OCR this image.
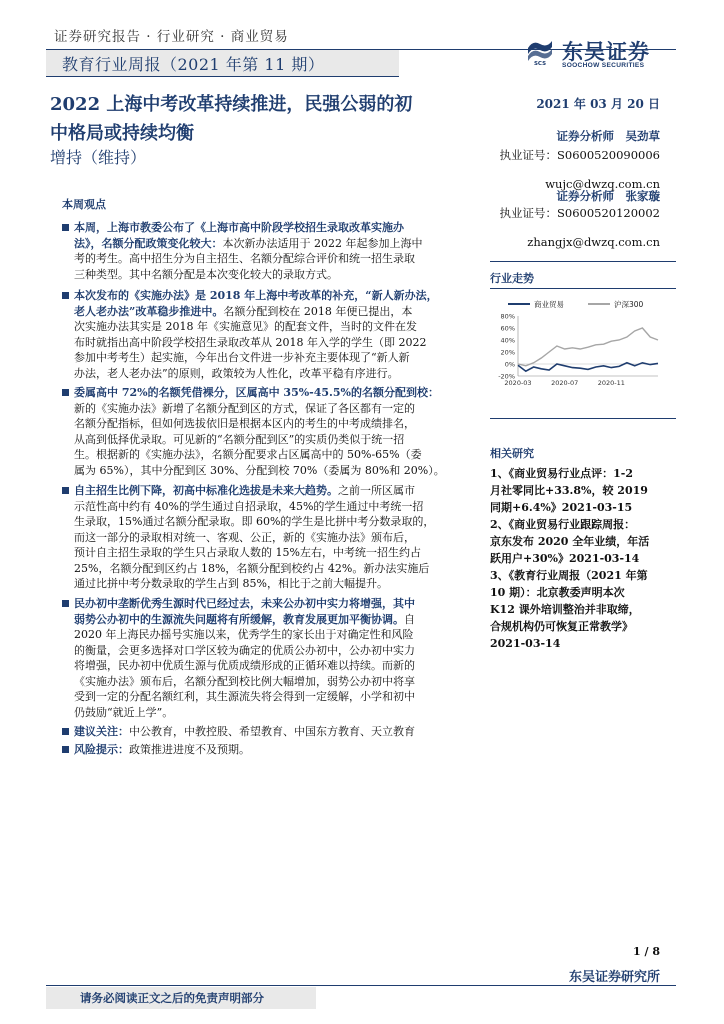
证券研究报告 · 行业研究 · 商业贸易
教育行业周报（2021 年第 11 期）	SCS 东吴证券
SOOCHOW SECURITIES
2022 上海中考改革持续推进，民强公弱的初
中格局或持续均衡
增持（维持）
2021 年 03 月 20 日
证券分析师　吴劲草
执业证号：S0600520090006
wujc@dwzq.com.cn
证券分析师　张家璇
执业证号：S0600520120002
zhangjx@dwzq.com.cn
本周观点
本周，上海市教委公布了《上海市高中阶段学校招生录取改革实施办
法》，名额分配政策变化较大：本次新办法适用于 2022 年起参加上海中
考的考生。高中招生分为自主招生、名额分配综合评价和统一招生录取
三种类型。其中名额分配是本次变化较大的录取方式。
本次发布的《实施办法》是 2018 年上海中考改革的补充，“新人新办法，
老人老办法”改革稳步推进中。名额分配到校在 2018 年便已提出，本
次实施办法其实是 2018 年《实施意见》的配套文件，当时的文件在发
布时就指出高中阶段学校招生录取改革从 2018 年入学的学生（即 2022
参加中考考生）起实施，今年出台文件进一步补充主要体现了“新人新
办法，老人老办法”的原则，政策较为人性化，改革平稳有序进行。
委属高中 72%的名额凭借裸分，区属高中 35%-45.5%的名额分配到校：
新的《实施办法》新增了名额分配到区的方式，保证了各区都有一定的
名额分配指标，但如何选拔依旧是根据本区内的考生的中考成绩排名，
从高到低择优录取。可见新的“名额分配到区”的实质仍类似于统一招
生。根据新的《实施办法》，名额分配要求占区属高中的 50%-65%（委
属为 65%），其中分配到区 30%、分配到校 70%（委属为 80%和 20%）。
自主招生比例下降，初高中标准化选拔是未来大趋势。之前一所区属市
示范性高中约有 40%的学生通过自招录取，45%的学生通过中考统一招
生录取，15%通过名额分配录取。即 60%的学生是比拼中考分数录取的，
而这一部分的录取相对统一、客观、公正，新的《实施办法》颁布后，
预计自主招生录取的学生只占录取人数的 15%左右，中考统一招生约占
25%，名额分配到区约占 18%，名额分配到校约占 42%。新办法实施后
通过比拼中考分数录取的学生占到 85%，相比于之前大幅提升。
民办初中垄断优秀生源时代已经过去，未来公办初中实力将增强，其中
弱势公办初中的生源流失问题将有所缓解，教育发展更加平衡协调。自
2020 年上海民办摇号实施以来，优秀学生的家长出于对确定性和风险
的衡量，会更多选择对口学区较为确定的优质公办初中，公办初中实力
将增强，民办初中优质生源与优质成绩形成的正循环难以持续。而新的
《实施办法》颁布后，名额分配到校比例大幅增加，弱势公办初中将享
受到一定的分配名额红利，其生源流失将会得到一定缓解，小学和初中
仍鼓励“就近上学”。
建议关注：中公教育，中教控股、希望教育、中国东方教育、天立教育
风险提示：政策推进进度不及预期。
行业走势
80%
60%
40%
20%
0%
-20%
2020-03	2020-07	2020-11
商业贸易	沪深300
相关研究
1、《商业贸易行业点评：1-2
月社零同比+33.8%，较 2019
同期+6.4%》2021-03-15
2、《商业贸易行业跟踪周报：
京东发布 2020 全年业绩，年活
跃用户+30%》2021-03-14
3、《教育行业周报（2021 年第
10 期）：北京教委声明本次
K12 课外培训整治并非取缔，
合规机构仍可恢复正常教学》
2021-03-14
1 / 8
东吴证券研究所
请务必阅读正文之后的免责声明部分
